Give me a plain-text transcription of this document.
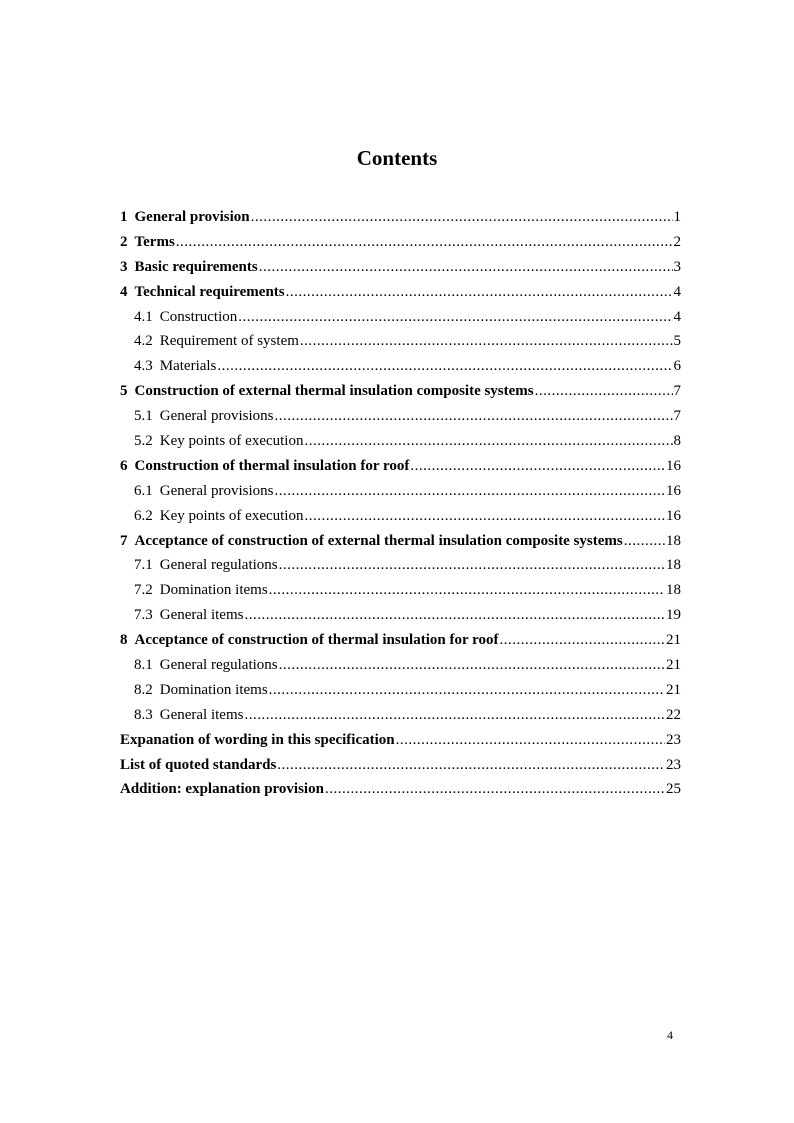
Contents
1 General provision .....	1
2 Terms .....	2
3 Basic requirements .....	3
4 Technical requirements .....	4
4.1 Construction .....	4
4.2 Requirement of system .....	5
4.3 Materials .....	6
5 Construction of external thermal insulation composite systems .....	7
5.1 General provisions .....	7
5.2 Key points of execution .....	8
6 Construction of thermal insulation for roof .....	16
6.1 General provisions .....	16
6.2 Key points of execution .....	16
7 Acceptance of construction of external thermal insulation composite systems .....	18
7.1 General regulations .....	18
7.2 Domination items .....	18
7.3 General items .....	19
8 Acceptance of construction of thermal insulation for roof .....	21
8.1 General regulations .....	21
8.2 Domination items .....	21
8.3 General items .....	22
Expanation of wording in this specification .....	23
List of quoted standards .....	23
Addition: explanation provision .....	25
4
